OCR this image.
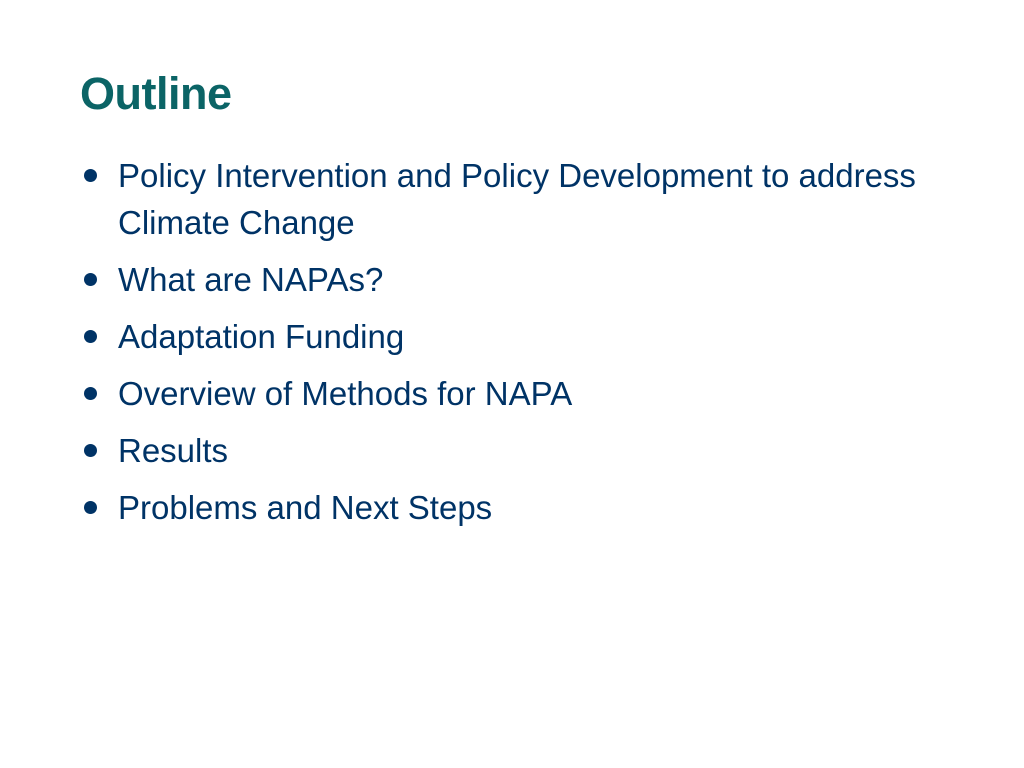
Outline
Policy Intervention and Policy Development to address Climate Change
What are NAPAs?
Adaptation Funding
Overview of Methods for NAPA
Results
Problems and Next Steps
